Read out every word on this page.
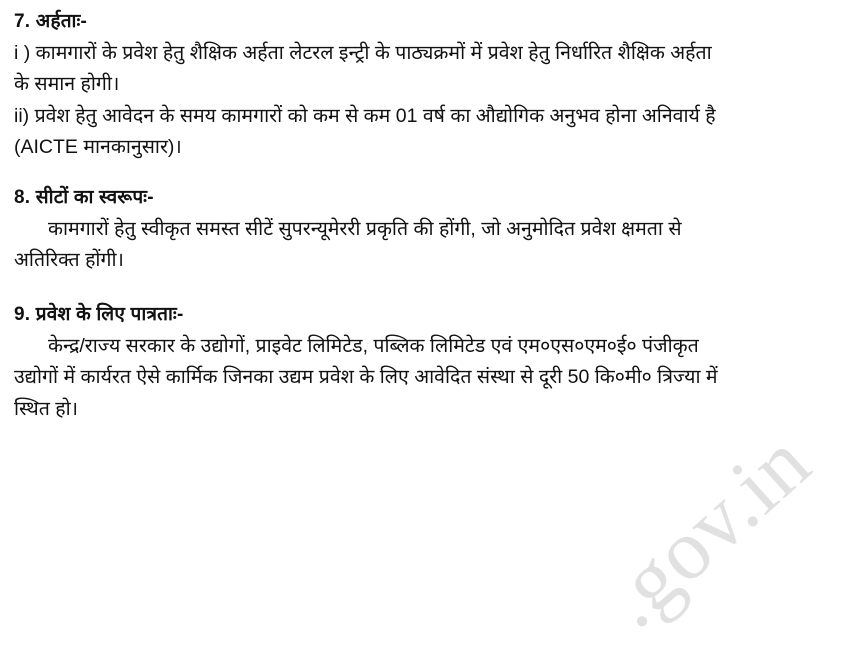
7. अर्हताः-
i ) कामगारों के प्रवेश हेतु शैक्षिक अर्हता लेटरल इन्ट्री के पाठ्यक्रमों में प्रवेश हेतु निर्धारित शैक्षिक अर्हता
के समान होगी।
ii) प्रवेश हेतु आवेदन के समय कामगारों को कम से कम 01 वर्ष का औद्योगिक अनुभव होना अनिवार्य है
(AICTE मानकानुसार)।
8. सीटों का स्वरूपः-
कामगारों हेतु स्वीकृत समस्त सीटें सुपरन्यूमेररी प्रकृति की होंगी, जो अनुमोदित प्रवेश क्षमता से
अतिरिक्त होंगी।
9. प्रवेश के लिए पात्रताः-
केन्द्र/राज्य सरकार के उद्योगों, प्राइवेट लिमिटेड, पब्लिक लिमिटेड एवं एम०एस०एम०ई० पंजीकृत
उद्योगों में कार्यरत ऐसे कार्मिक जिनका उद्यम प्रवेश के लिए आवेदित संस्था से दूरी 50 कि०मी० त्रिज्या में
स्थित हो।
.gov.in
